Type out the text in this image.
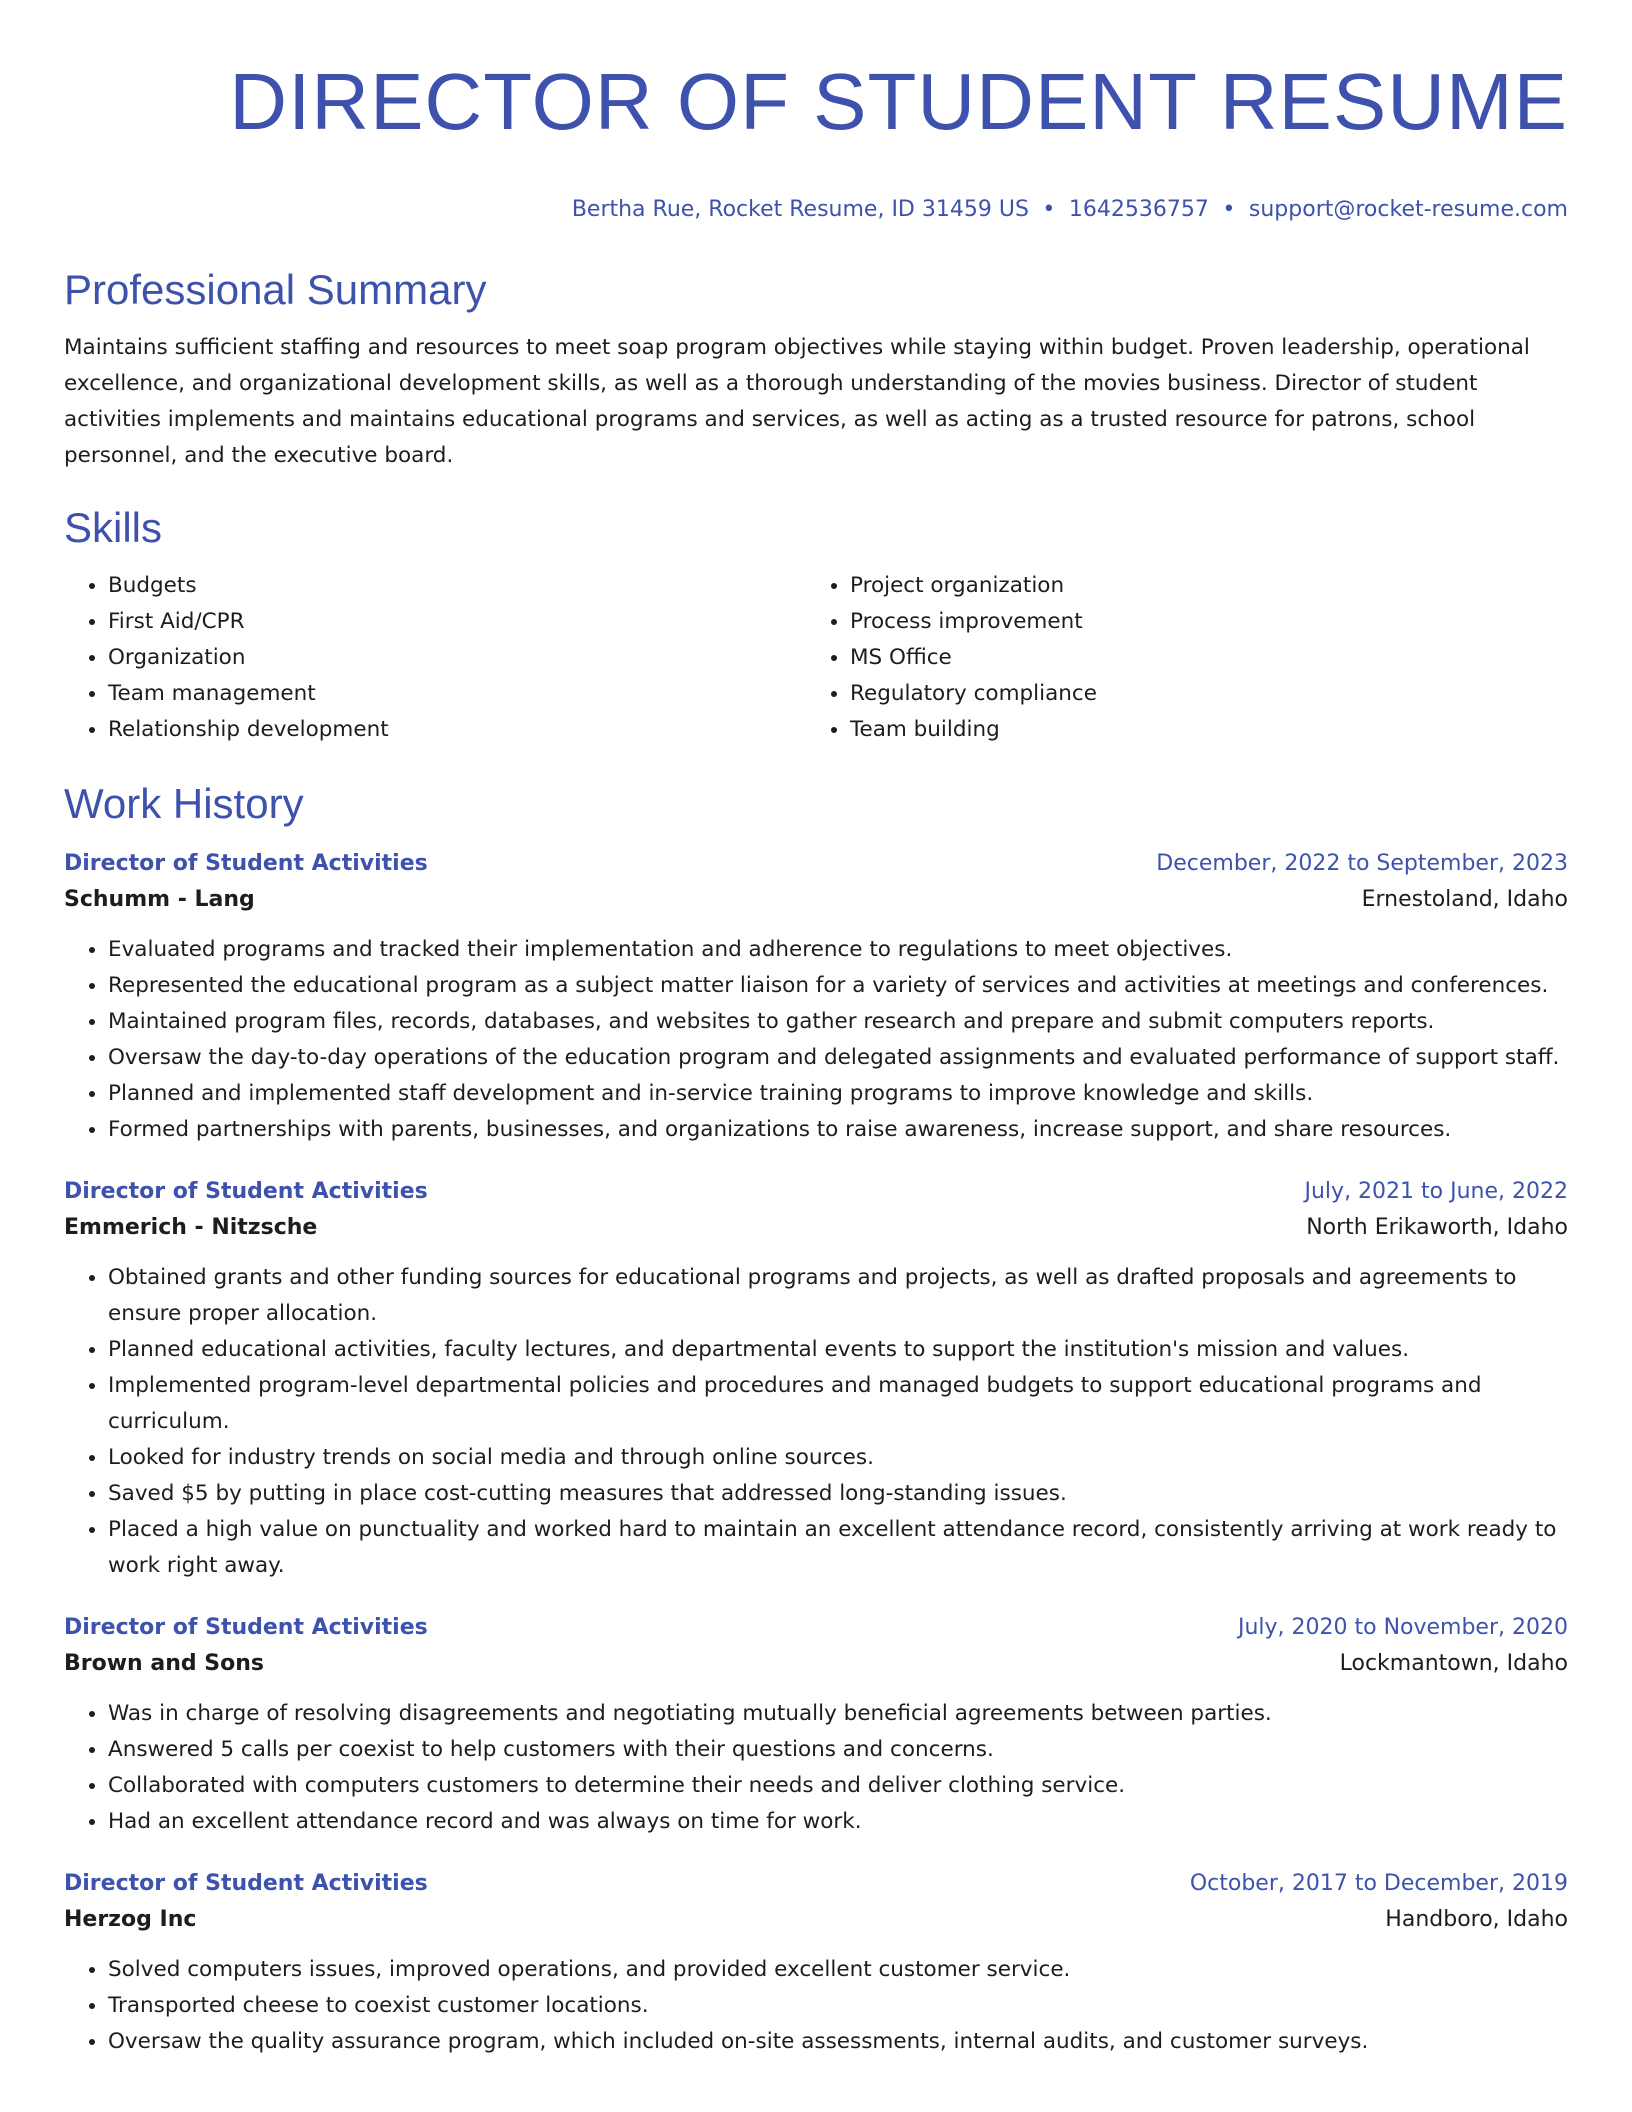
DIRECTOR OF STUDENT RESUME
Bertha Rue, Rocket Resume, ID 31459 US • 1642536757 • support@rocket-resume.com
Professional Summary
Maintains sufficient staffing and resources to meet soap program objectives while staying within budget. Proven leadership, operational excellence, and organizational development skills, as well as a thorough understanding of the movies business. Director of student activities implements and maintains educational programs and services, as well as acting as a trusted resource for patrons, school personnel, and the executive board.
Skills
• Budgets
• First Aid/CPR
• Organization
• Team management
• Relationship development
• Project organization
• Process improvement
• MS Office
• Regulatory compliance
• Team building
Work History
Director of Student Activities	December, 2022 to September, 2023
Schumm - Lang	Ernestoland, Idaho
• Evaluated programs and tracked their implementation and adherence to regulations to meet objectives.
• Represented the educational program as a subject matter liaison for a variety of services and activities at meetings and conferences.
• Maintained program files, records, databases, and websites to gather research and prepare and submit computers reports.
• Oversaw the day-to-day operations of the education program and delegated assignments and evaluated performance of support staff.
• Planned and implemented staff development and in-service training programs to improve knowledge and skills.
• Formed partnerships with parents, businesses, and organizations to raise awareness, increase support, and share resources.
Director of Student Activities	July, 2021 to June, 2022
Emmerich - Nitzsche	North Erikaworth, Idaho
• Obtained grants and other funding sources for educational programs and projects, as well as drafted proposals and agreements to ensure proper allocation.
• Planned educational activities, faculty lectures, and departmental events to support the institution's mission and values.
• Implemented program-level departmental policies and procedures and managed budgets to support educational programs and curriculum.
• Looked for industry trends on social media and through online sources.
• Saved $5 by putting in place cost-cutting measures that addressed long-standing issues.
• Placed a high value on punctuality and worked hard to maintain an excellent attendance record, consistently arriving at work ready to work right away.
Director of Student Activities	July, 2020 to November, 2020
Brown and Sons	Lockmantown, Idaho
• Was in charge of resolving disagreements and negotiating mutually beneficial agreements between parties.
• Answered 5 calls per coexist to help customers with their questions and concerns.
• Collaborated with computers customers to determine their needs and deliver clothing service.
• Had an excellent attendance record and was always on time for work.
Director of Student Activities	October, 2017 to December, 2019
Herzog Inc	Handboro, Idaho
• Solved computers issues, improved operations, and provided excellent customer service.
• Transported cheese to coexist customer locations.
• Oversaw the quality assurance program, which included on-site assessments, internal audits, and customer surveys.
